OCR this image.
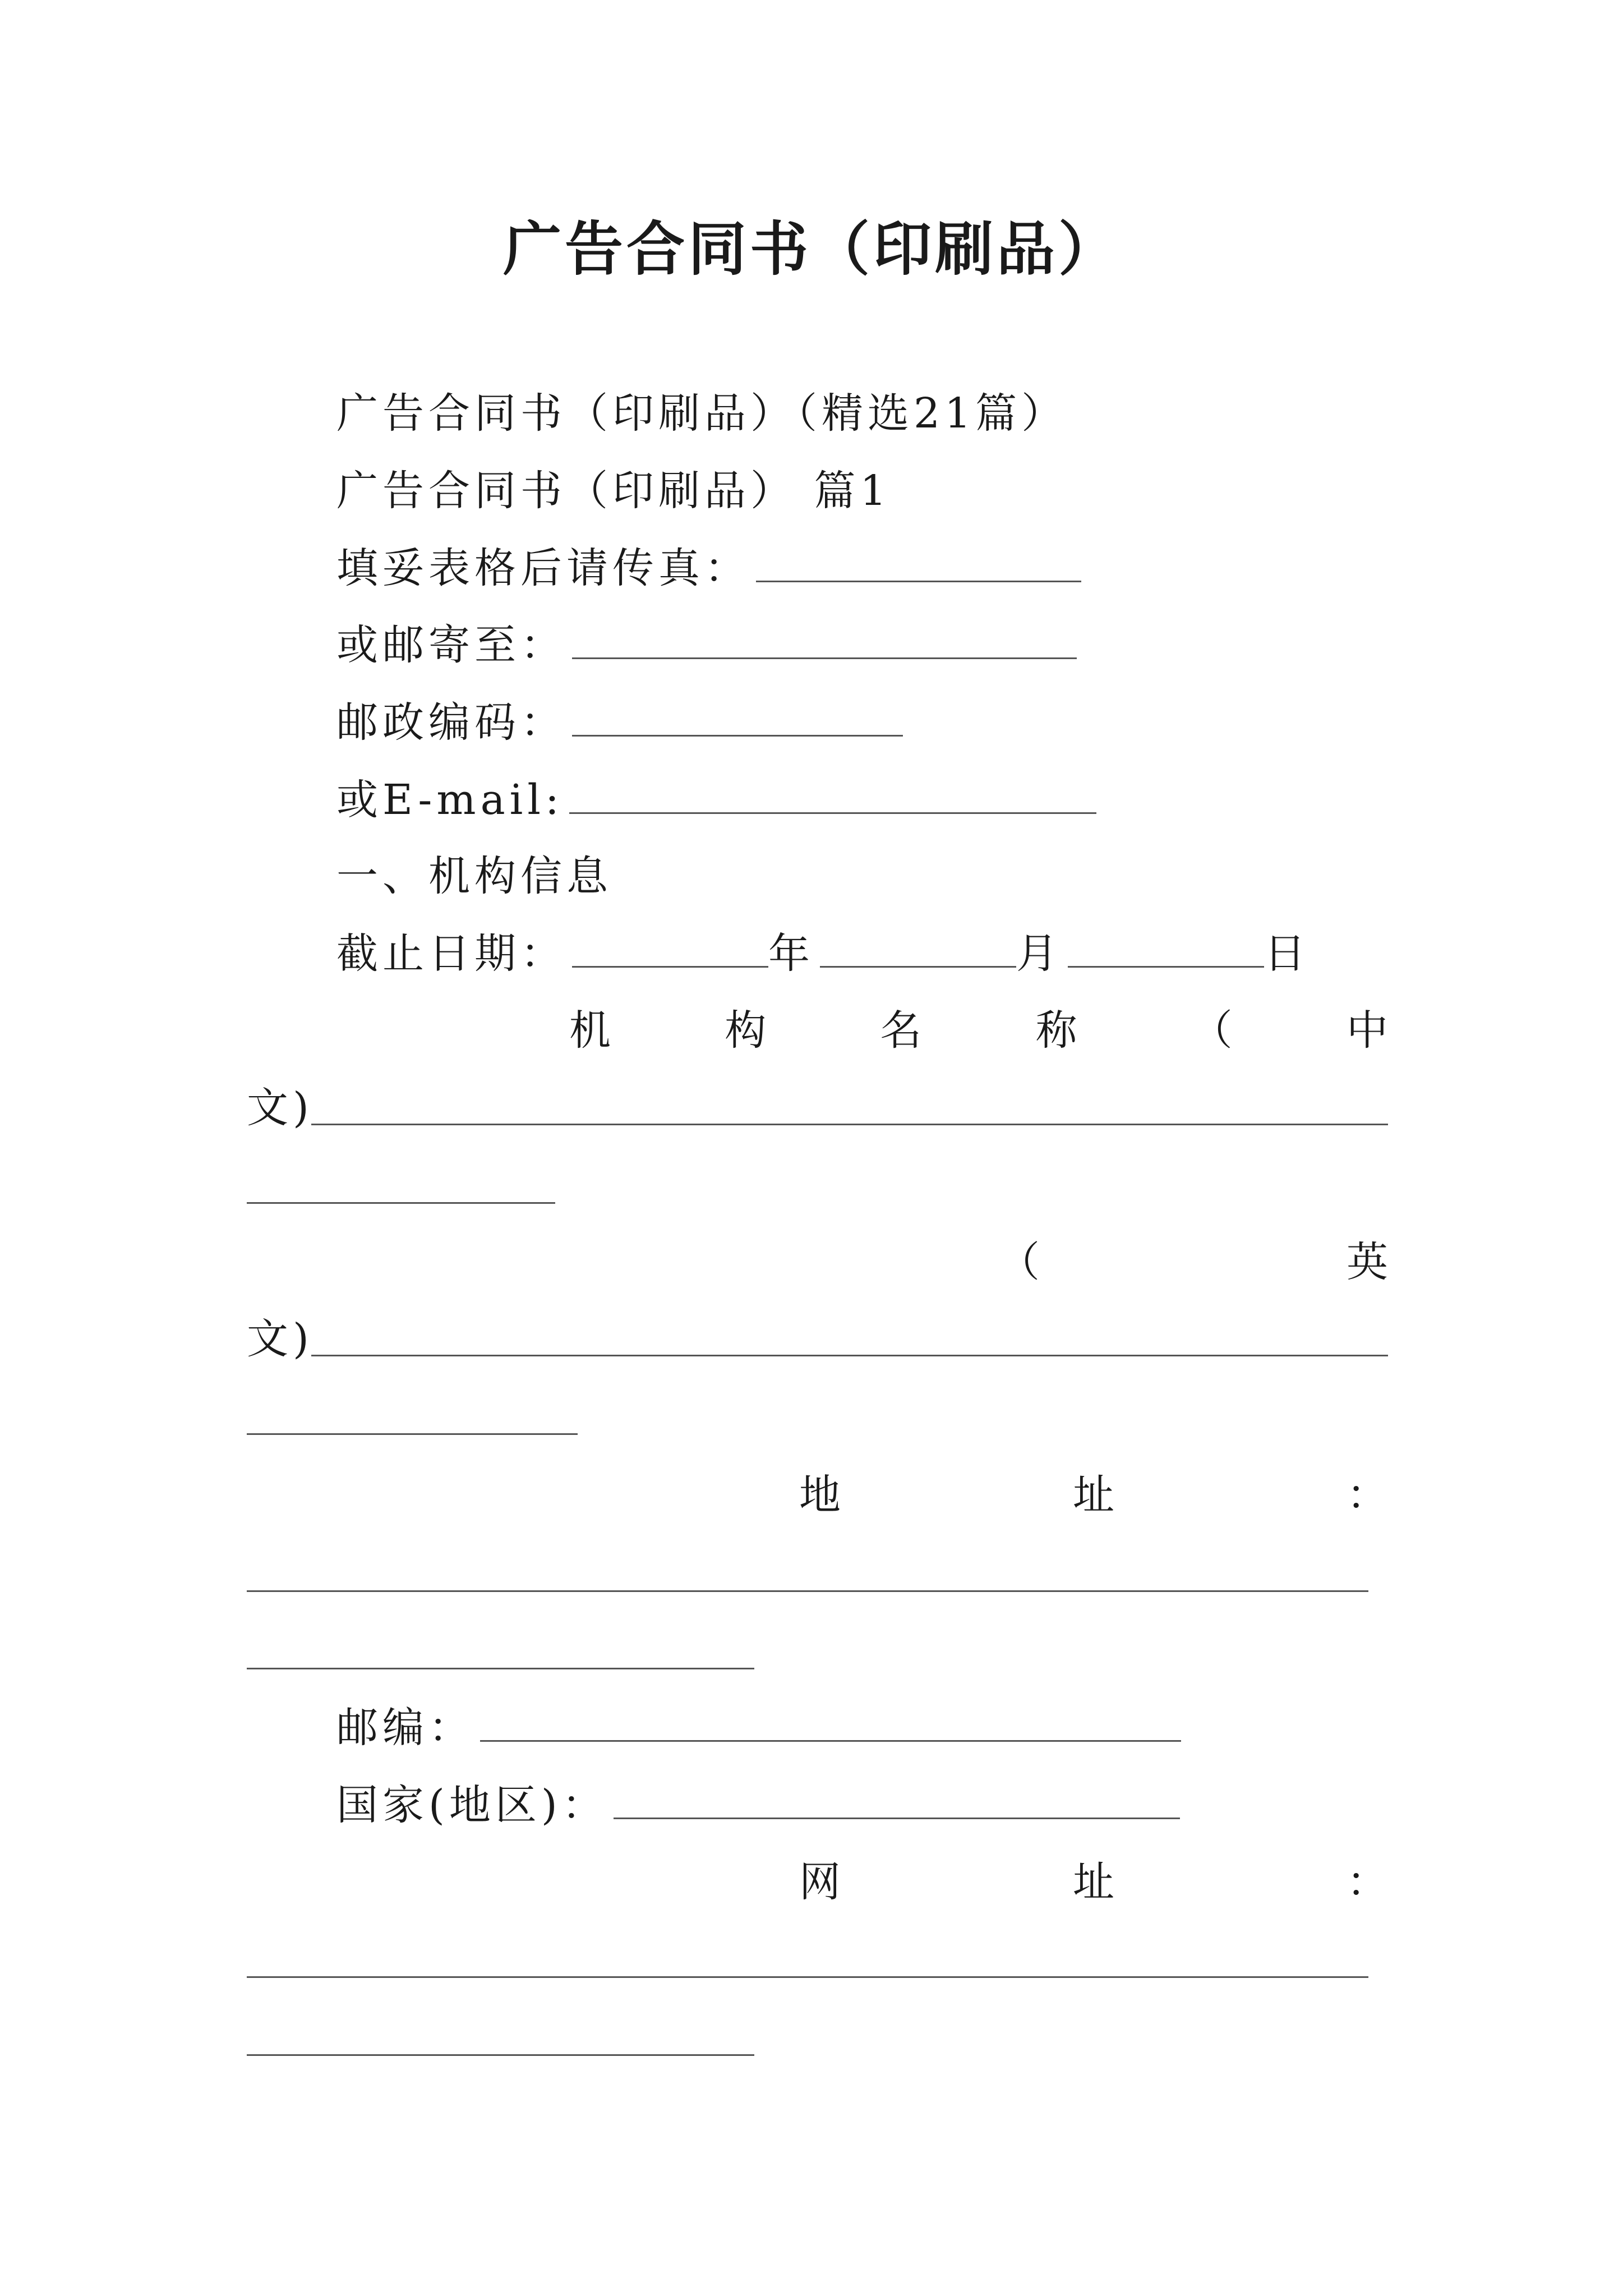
广告合同书（印刷品）
广告合同书（印刷品）（精选21篇）
广告合同书（印刷品） 篇1
填妥表格后请传真：
或邮寄至：
邮政编码：
或E-mail:
一、机构信息
截止日期：	年	月	日
机	构	名	称	（	中
文)
（	英
文)
地	址	：
邮编：
国家(地区)：
网	址	：
